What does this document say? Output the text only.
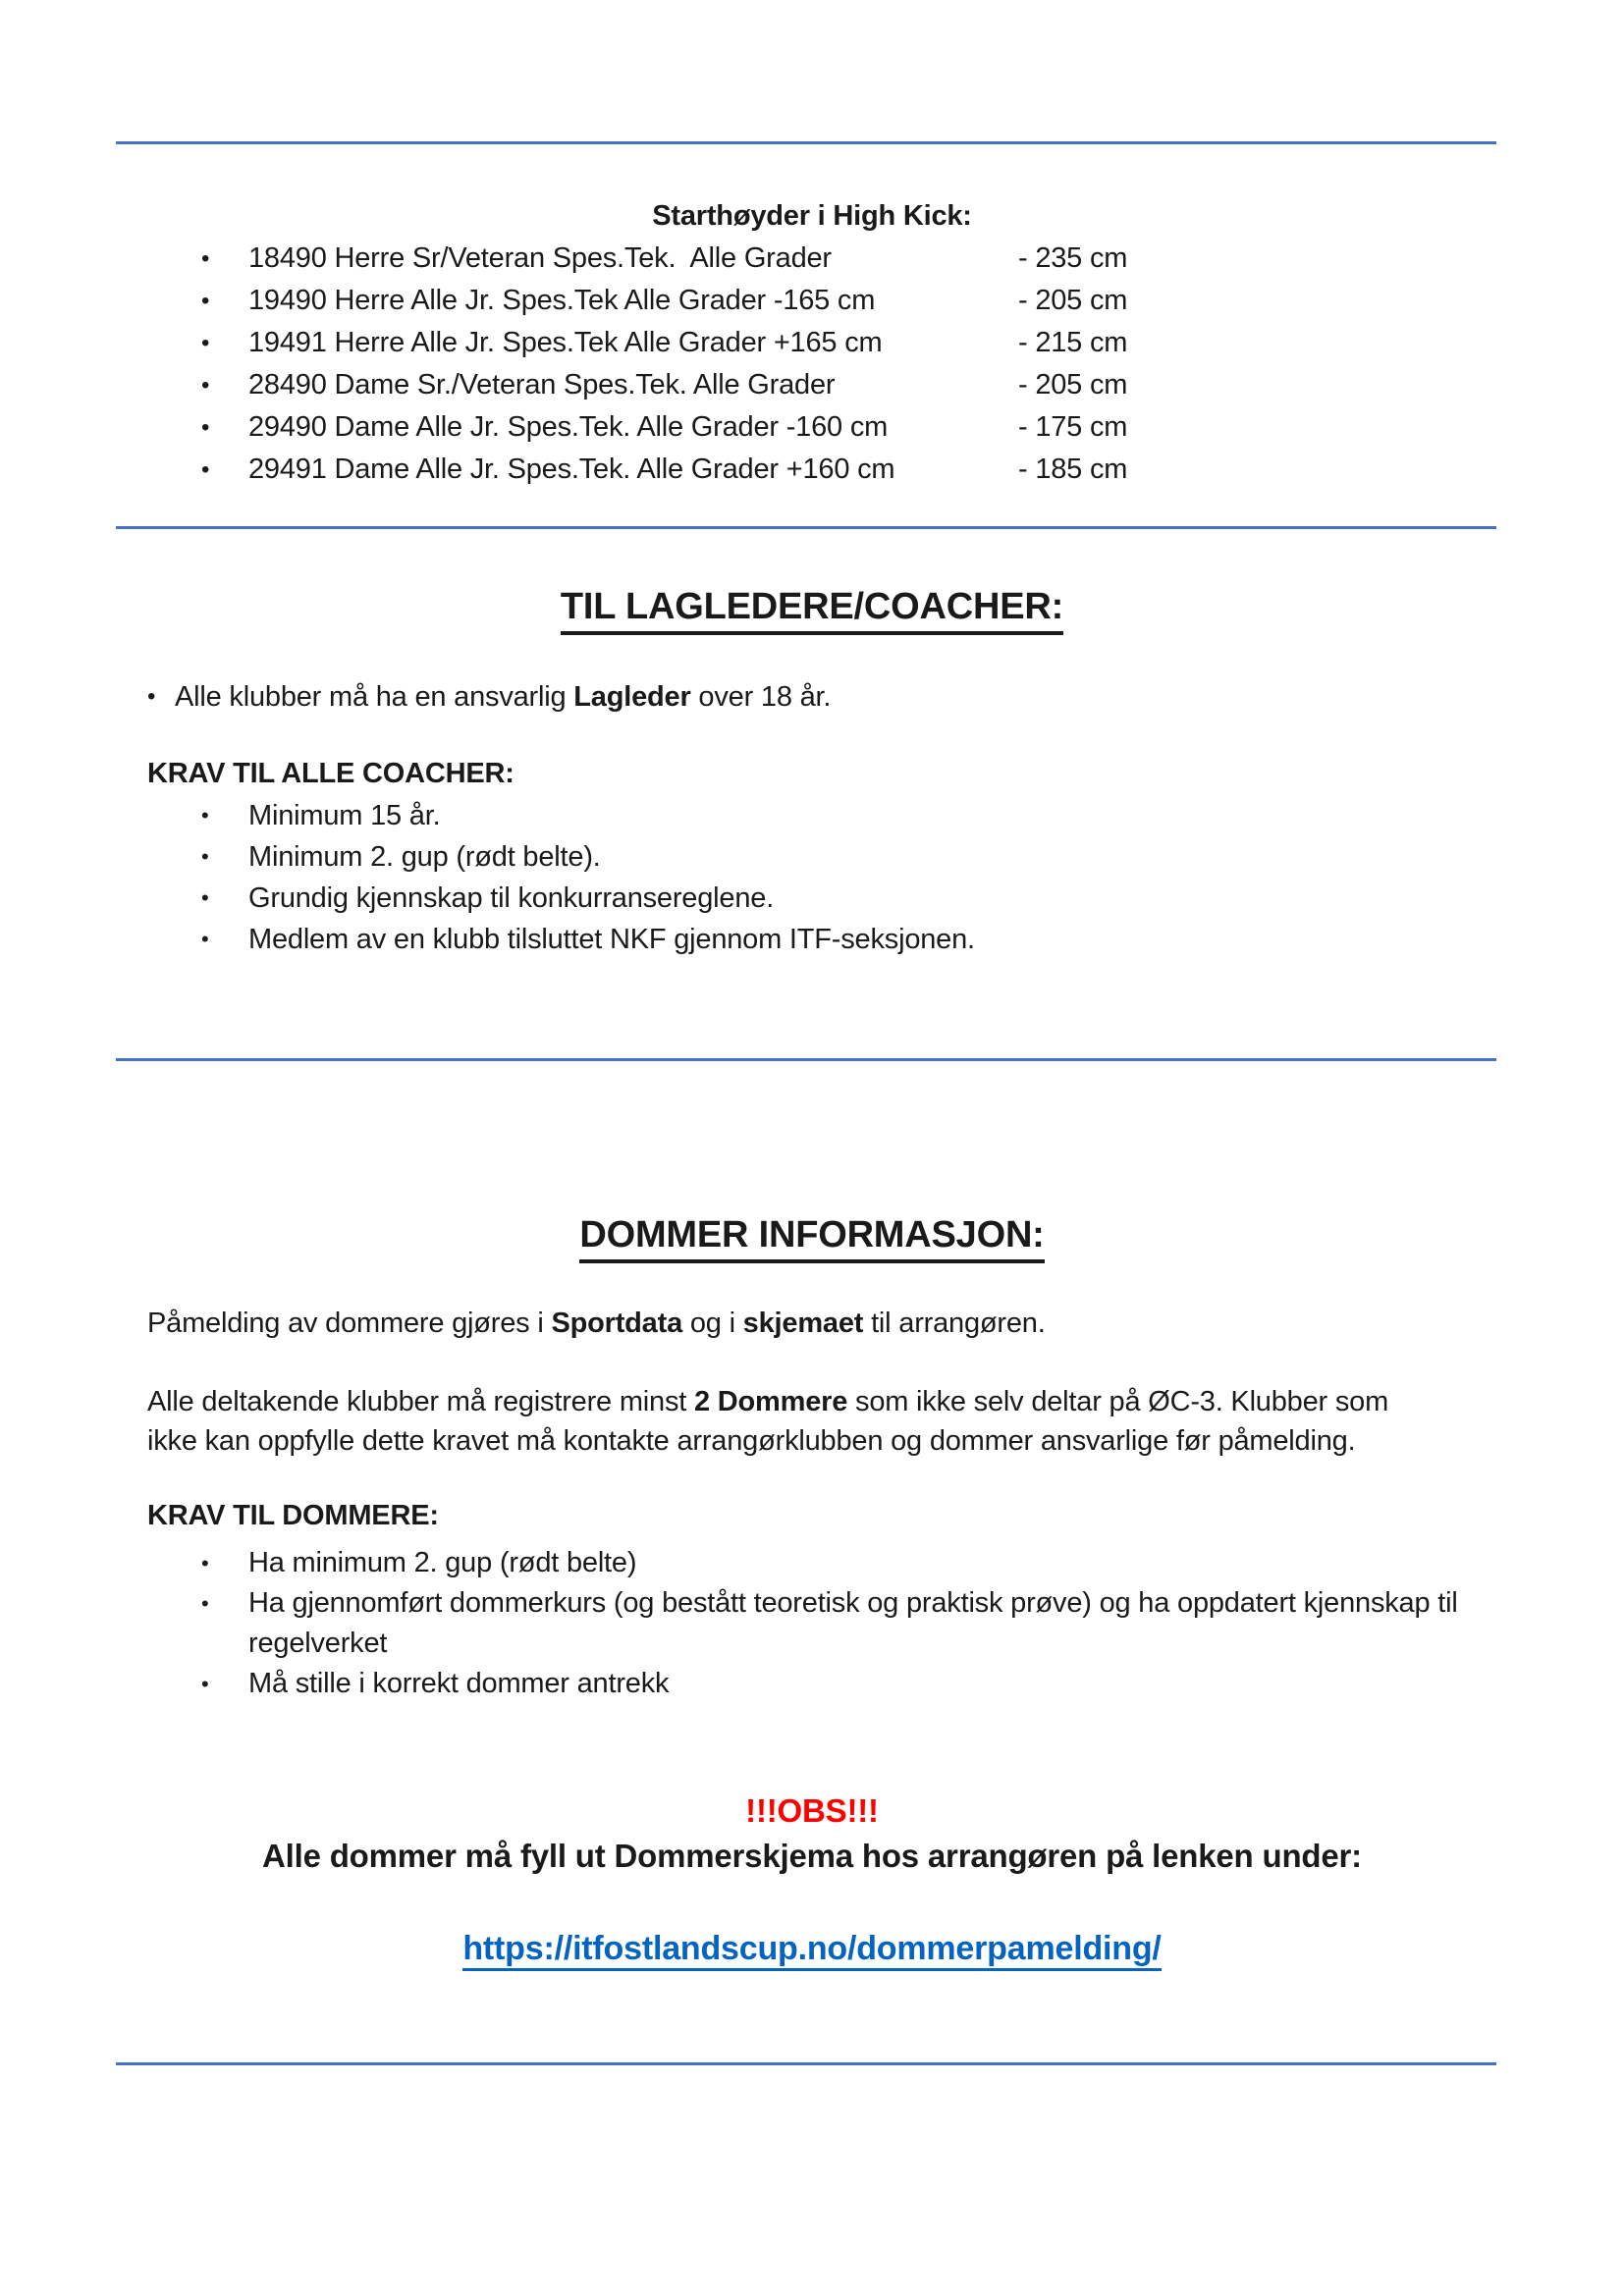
Starthøyder i High Kick:
•	18490 Herre Sr/Veteran Spes.Tek.  Alle Grader	- 235 cm
•	19490 Herre Alle Jr. Spes.Tek Alle Grader -165 cm	- 205 cm
•	19491 Herre Alle Jr. Spes.Tek Alle Grader +165 cm	- 215 cm
•	28490 Dame Sr./Veteran Spes.Tek. Alle Grader	- 205 cm
•	29490 Dame Alle Jr. Spes.Tek. Alle Grader -160 cm	- 175 cm
•	29491 Dame Alle Jr. Spes.Tek. Alle Grader +160 cm	- 185 cm
TIL LAGLEDERE/COACHER:
• Alle klubber må ha en ansvarlig Lagleder over 18 år.
KRAV TIL ALLE COACHER:
•	Minimum 15 år.
•	Minimum 2. gup (rødt belte).
•	Grundig kjennskap til konkurransereglene.
•	Medlem av en klubb tilsluttet NKF gjennom ITF-seksjonen.
DOMMER INFORMASJON:
Påmelding av dommere gjøres i Sportdata og i skjemaet til arrangøren.
Alle deltakende klubber må registrere minst 2 Dommere som ikke selv deltar på ØC-3. Klubber som
ikke kan oppfylle dette kravet må kontakte arrangørklubben og dommer ansvarlige før påmelding.
KRAV TIL DOMMERE:
•	Ha minimum 2. gup (rødt belte)
•	Ha gjennomført dommerkurs (og bestått teoretisk og praktisk prøve) og ha oppdatert kjennskap til regelverket
•	Må stille i korrekt dommer antrekk
!!!OBS!!!
Alle dommer må fyll ut Dommerskjema hos arrangøren på lenken under:
https://itfostlandscup.no/dommerpamelding/
